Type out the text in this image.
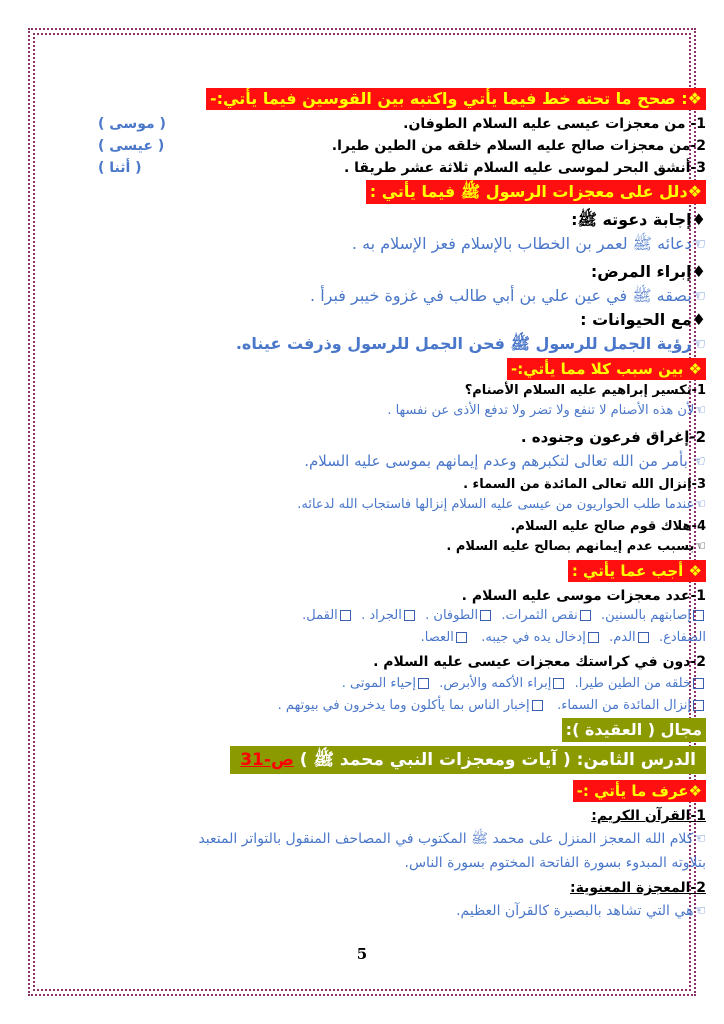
❖: صحح ما تحته خط فيما يأتي واكتبه بين القوسين فيما يأتي:-
1- من معجزات عيسى عليه السلام الطوفان.
( موسى )
2-من معجزات صالح عليه السلام خلقه من الطين طيرا.
( عيسى )
3-أنشق البحر لموسى عليه السلام ثلاثة عشر طريقا .
( أثنا )
❖دلل على معجزات الرسول ﷺ فيما يأتي :
♦إجابة دعوته ﷺ:
☜دعائه ﷺ لعمر بن الخطاب بالإسلام فعز الإسلام به .
♦إبراء المرض:
☜بصقه ﷺ في عين علي بن أبي طالب في غزوة خيبر فبرأ .
♦مع الحيوانات :
☜رؤية الجمل للرسول ﷺ فحن الجمل للرسول وذرفت عيناه.
❖ بين سبب كلا مما يأتي:-
1-تكسير إبراهيم عليه السلام الأصنام؟
☜لأن هذه الأصنام لا تنفع ولا تضر ولا تدفع الأذى عن نفسها .
2-إغراق فرعون وجنوده .
☜ بأمر من الله تعالى لتكبرهم وعدم إيمانهم بموسى عليه السلام.
3-إنزال الله تعالى المائدة من السماء .
☜عندما طلب الحواريون من عيسى عليه السلام إنزالها فاستجاب الله لدعائه.
4-هلاك قوم صالح عليه السلام.
☜بسبب عدم إيمانهم بصالح عليه السلام .
❖ أجب عما يأتي :
1-عدد معجزات موسى عليه السلام .
إصابتهم بالسنين.  نقص الثمرات.  الطوفان .  الجراد .  القمل.
الضفادع.  الدم.  إدخال يده في جيبه.   العصا.
2-دون في كراستك معجزات عيسى عليه السلام .
خلقه من الطين طيرا.  إبراء الأكمه والأبرص.  إحياء الموتى .
إنزال المائدة من السماء.   إخبار الناس بما يأكلون وما يدخرون في بيوتهم .
مجال ( العقيدة ):
الدرس الثامن: ( آيات ومعجزات النبي محمد ﷺ ) ص-31
❖عرف ما يأتي :-
1-القرآن الكريم:
☜كلام الله المعجز المنزل على محمد ﷺ المكتوب في المصاحف المنقول بالتواتر المتعبد
بتلاوته المبدوء بسورة الفاتحة المختوم بسورة الناس.
2-المعجزة المعنوية:
☜هي التي تشاهد بالبصيرة كالقرآن العظيم.
5
